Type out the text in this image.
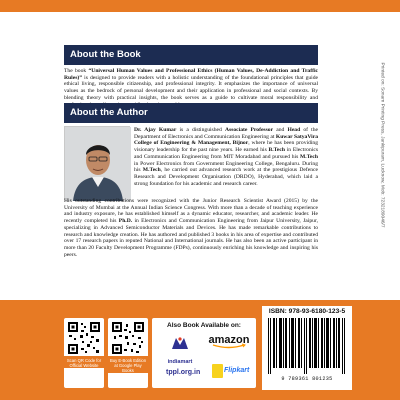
About the Book
The book “Universal Human Values and Professional Ethics (Human Values, De-Addiction and Traffic Rules)” is designed to provide readers with a holistic understanding of the foundational principles that guide ethical living, responsible citizenship, and professional integrity. It emphasizes the importance of universal values as the bedrock of personal development and their application in professional and social contexts. By blending theory with practical insights, the book serves as a guide to cultivate moral responsibility and
About the Author
Dr. Ajay Kumar is a distinguished Associate Professor and Head of the Department of Electronics and Communication Engineering at Kuwar SatyaVira College of Engineering & Management, Bijnor, where he has been providing visionary leadership for the past nine years. He earned his B.Tech in Electronics and Communication Engineering from MIT Moradabad and pursued his M.Tech in Power Electronics from Government Engineering College, Bengaluru. During his M.Tech, he carried out advanced research work at the prestigious Defence Research and Development Organisation (DRDO), Hyderabad, which laid a strong foundation for his academic and research career.
His outstanding contributions were recognized with the Junior Research Scientist Award (2015) by the University of Mumbai at the Annual Indian Science Congress. With more than a decade of teaching experience and industry exposure, he has established himself as a dynamic educator, researcher, and academic leader. He recently completed his Ph.D. in Electronics and Communication Engineering from Jaipur University, Jaipur, specializing in Advanced Semiconductor Materials and Devices. He has made remarkable contributions to research and knowledge creation. He has authored and published 3 books in his area of expertise and contributed over 17 research papers in reputed National and International journals. He has also been an active participant in more than 20 Faculty Development Programme (FDPs), continuously enriching his knowledge and inspiring his peers.
Printed on: Sonam Printing Press, Jankipuram, Lucknow, Mob: 7232189046/7
Scan QR Code for Official Website
Buy E-Book Edition at Google Play Books
Also Book Available on:
indiamart
amazon
tppl.org.in	Flipkart
ISBN: 978-93-6180-123-5
9 789361 801235
